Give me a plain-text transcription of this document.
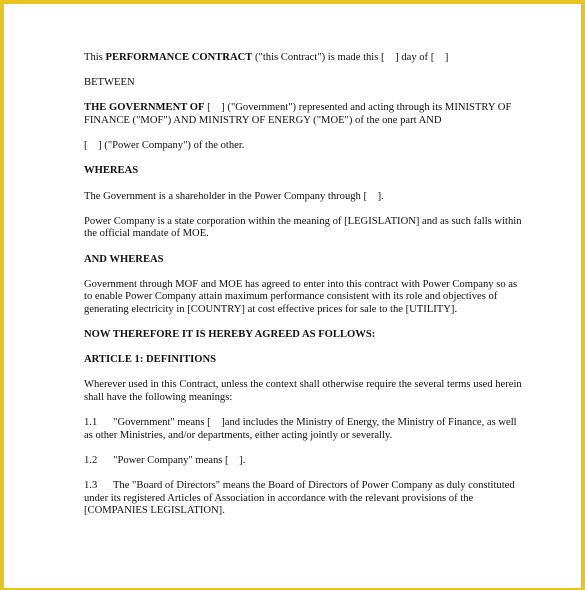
This PERFORMANCE CONTRACT ("this Contract") is made this [    ] day of [    ]

BETWEEN

THE GOVERNMENT OF [    ] ("Government") represented and acting through its MINISTRY OF FINANCE ("MOF") AND MINISTRY OF ENERGY ("MOE") of the one part AND

[    ] ("Power Company") of the other.

WHEREAS

The Government is a shareholder in the Power Company through [    ].

Power Company is a state corporation within the meaning of [LEGISLATION] and as such falls within the official mandate of MOE.

AND WHEREAS

Government through MOF and MOE has agreed to enter into this contract with Power Company so as to enable Power Company attain maximum performance consistent with its role and objectives of generating electricity in [COUNTRY] at cost effective prices for sale to the [UTILITY].

NOW THEREFORE IT IS HEREBY AGREED AS FOLLOWS:

ARTICLE 1: DEFINITIONS

Wherever used in this Contract, unless the context shall otherwise require the several terms used herein shall have the following meanings:

1.1      "Government" means [    ]and includes the Ministry of Energy, the Ministry of Finance, as well as other Ministries, and/or departments, either acting jointly or severally.

1.2      "Power Company" means [    ].

1.3      The "Board of Directors" means the Board of Directors of Power Company as duly constituted under its registered Articles of Association in accordance with the relevant provisions of the [COMPANIES LEGISLATION].
